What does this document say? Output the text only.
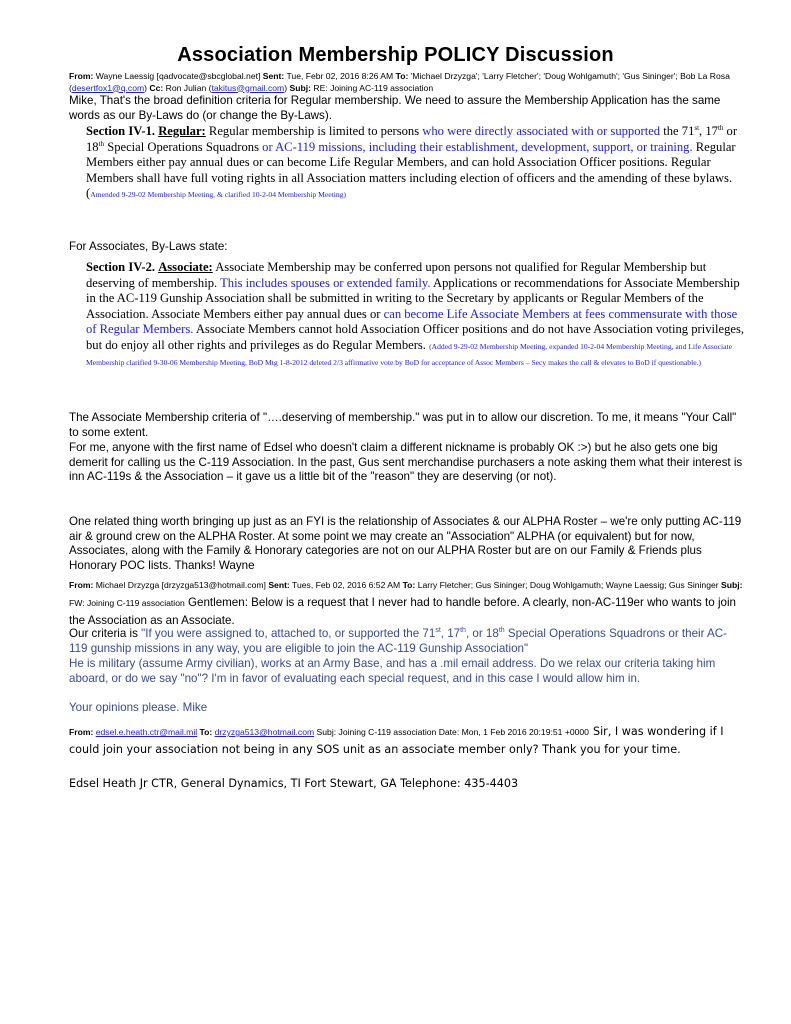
Association Membership POLICY Discussion
From: Wayne Laessig [qadvocate@sbcglobal.net] Sent: Tue, Febr 02, 2016 8:26 AM To: 'Michael Drzyzga'; 'Larry Fletcher'; 'Doug Wohlgamuth'; 'Gus Sininger'; Bob La Rosa (desertfox1@q.com) Cc: Ron Julian (takitus@gmail.com) Subj: RE: Joining AC-119 association
Mike, That's the broad definition criteria for Regular membership. We need to assure the Membership Application has the same words as our By-Laws do (or change the By-Laws).
Section IV-1. Regular: Regular membership is limited to persons who were directly associated with or supported the 71st, 17th or 18th Special Operations Squadrons or AC-119 missions, including their establishment, development, support, or training. Regular Members either pay annual dues or can become Life Regular Members, and can hold Association Officer positions. Regular Members shall have full voting rights in all Association matters including election of officers and the amending of these bylaws. (Amended 9-29-02 Membership Meeting, & clarified 10-2-04 Membership Meeting)
For Associates, By-Laws state:
Section IV-2. Associate: Associate Membership may be conferred upon persons not qualified for Regular Membership but deserving of membership. This includes spouses or extended family. Applications or recommendations for Associate Membership in the AC-119 Gunship Association shall be submitted in writing to the Secretary by applicants or Regular Members of the Association. Associate Members either pay annual dues or can become Life Associate Members at fees commensurate with those of Regular Members. Associate Members cannot hold Association Officer positions and do not have Association voting privileges, but do enjoy all other rights and privileges as do Regular Members. (Added 9-29-02 Membership Meeting, expanded 10-2-04 Membership Meeting, and Life Associate Membership clarified 9-30-06 Membership Meeting, BoD Mtg 1-8-2012 deleted 2/3 affirmative vote by BoD for acceptance of Assoc Members – Secy makes the call & elevates to BoD if questionable.)
The Associate Membership criteria of "….deserving of membership." was put in to allow our discretion. To me, it means "Your Call" to some extent.
For me, anyone with the first name of Edsel who doesn't claim a different nickname is probably OK :>) but he also gets one big demerit for calling us the C-119 Association. In the past, Gus sent merchandise purchasers a note asking them what their interest is inn AC-119s & the Association – it gave us a little bit of the "reason" they are deserving (or not).
One related thing worth bringing up just as an FYI is the relationship of Associates & our ALPHA Roster – we're only putting AC-119 air & ground crew on the ALPHA Roster. At some point we may create an "Association" ALPHA (or equivalent) but for now, Associates, along with the Family & Honorary categories are not on our ALPHA Roster but are on our Family & Friends plus Honorary POC lists. Thanks! Wayne
From: Michael Drzyzga [drzyzga513@hotmail.com] Sent: Tues, Feb 02, 2016 6:52 AM To: Larry Fletcher; Gus Sininger; Doug Wohlgamuth; Wayne Laessig; Gus Sininger Subj: FW: Joining C-119 association Gentlemen: Below is a request that I never had to handle before. A clearly, non-AC-119er who wants to join the Association as an Associate.
Our criteria is "If you were assigned to, attached to, or supported the 71st, 17th, or 18th Special Operations Squadrons or their AC-119 gunship missions in any way, you are eligible to join the AC-119 Gunship Association"
He is military (assume Army civilian), works at an Army Base, and has a .mil email address. Do we relax our criteria taking him aboard, or do we say "no"? I'm in favor of evaluating each special request, and in this case I would allow him in.
Your opinions please. Mike
From: edsel.e.heath.ctr@mail.mil To: drzyzga513@hotmail.com Subj: Joining C-119 association Date: Mon, 1 Feb 2016 20:19:51 +0000 Sir, I was wondering if I could join your association not being in any SOS unit as an associate member only? Thank you for your time.
Edsel Heath Jr CTR, General Dynamics, TI Fort Stewart, GA Telephone: 435-4403
